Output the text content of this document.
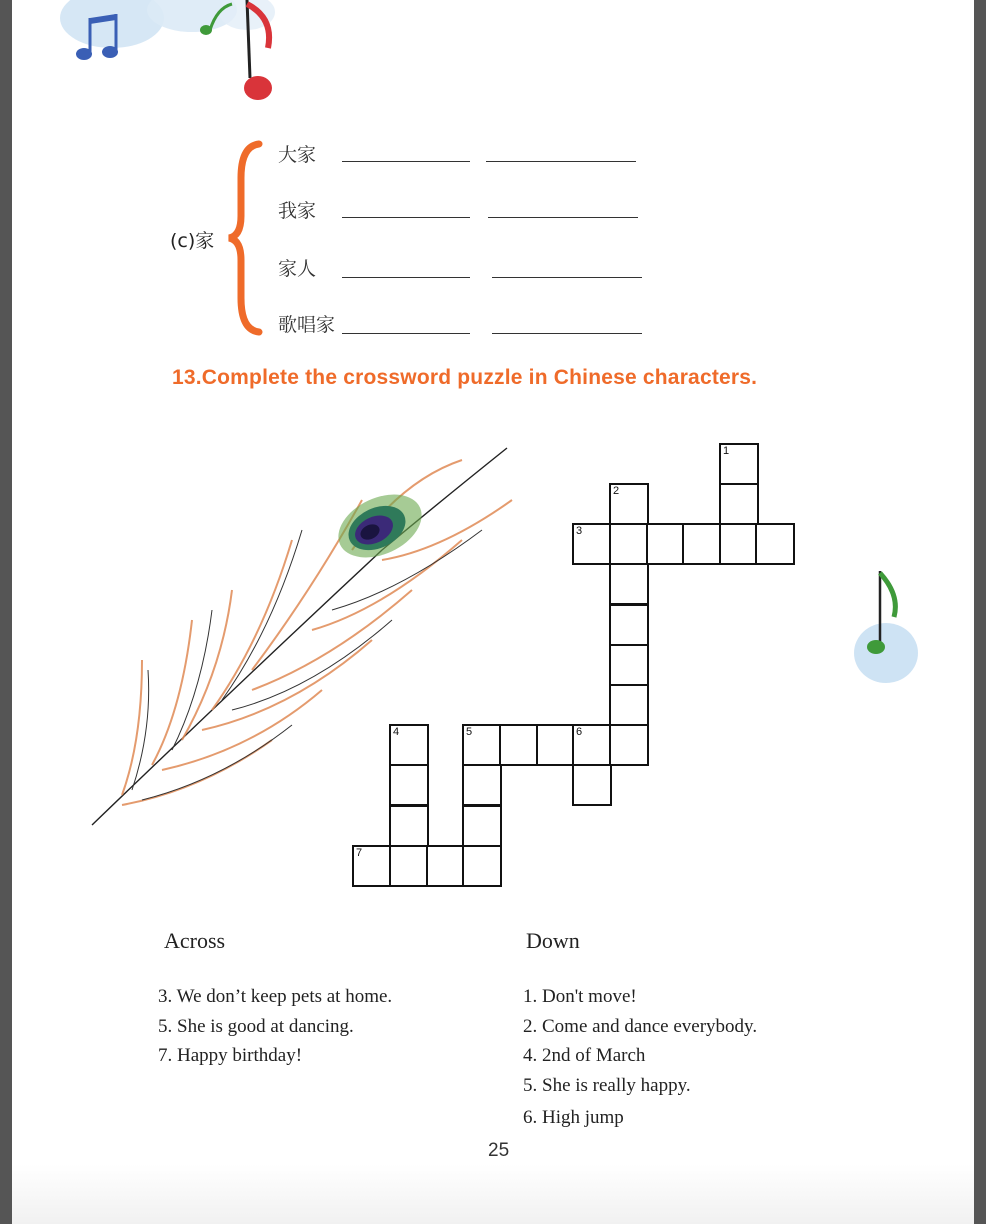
(c)家
大家
我家
家人
歌唱家
13.Complete the crossword puzzle in Chinese characters.
1
2
3
5	6
4
7
Across	Down
3. We don’t keep pets at home.
5. She is good at dancing.
7. Happy birthday!
1. Don't move!
2. Come and dance everybody.
4. 2nd of March
5. She is really happy.
6. High jump
25
